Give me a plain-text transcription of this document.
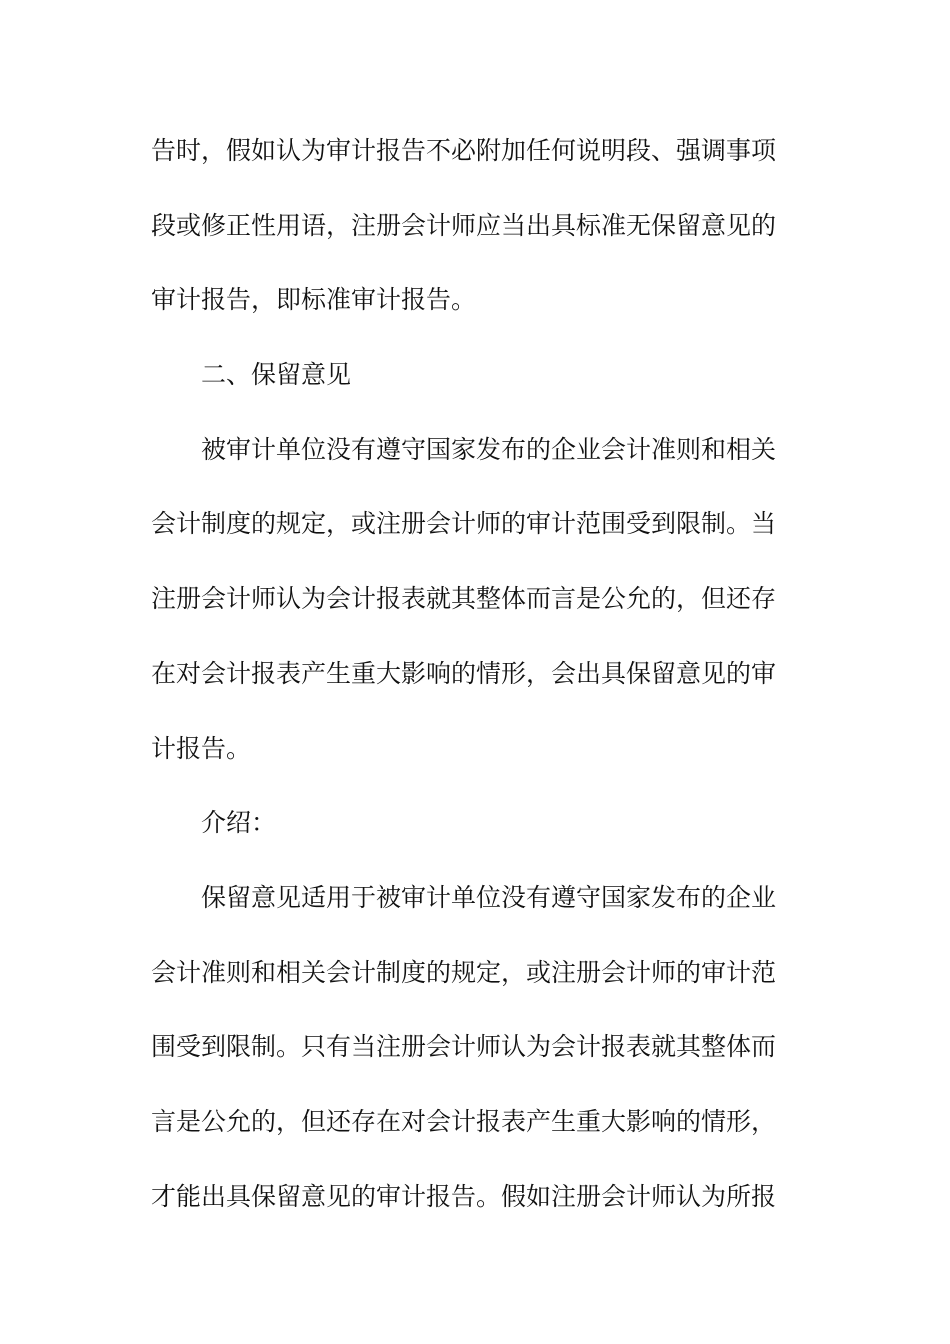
告时，假如认为审计报告不必附加任何说明段、强调事项
段或修正性用语，注册会计师应当出具标准无保留意见的
审计报告，即标准审计报告。
二、保留意见
被审计单位没有遵守国家发布的企业会计准则和相关
会计制度的规定，或注册会计师的审计范围受到限制。当
注册会计师认为会计报表就其整体而言是公允的，但还存
在对会计报表产生重大影响的情形，会出具保留意见的审
计报告。
介绍：
保留意见适用于被审计单位没有遵守国家发布的企业
会计准则和相关会计制度的规定，或注册会计师的审计范
围受到限制。只有当注册会计师认为会计报表就其整体而
言是公允的，但还存在对会计报表产生重大影响的情形，
才能出具保留意见的审计报告。假如注册会计师认为所报
